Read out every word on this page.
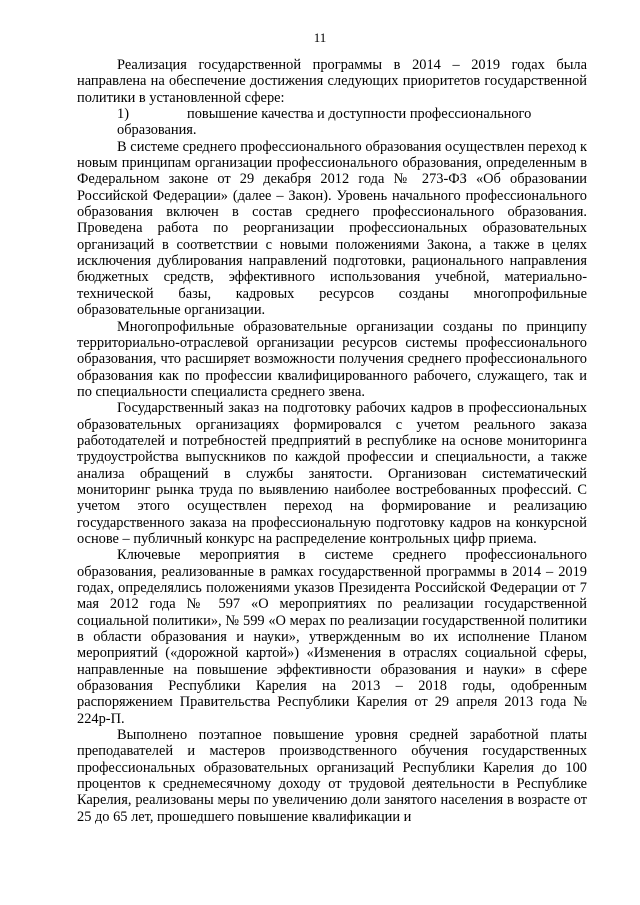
11

Реализация государственной программы в 2014 – 2019 годах была направлена на обеспечение достижения следующих приоритетов государственной политики в установленной сфере:

1)	повышение качества и доступности профессионального образования.

В системе среднего профессионального образования осуществлен переход к новым принципам организации профессионального образования, определенным в Федеральном законе от 29 декабря 2012 года № 273-ФЗ «Об образовании Российской Федерации» (далее – Закон). Уровень начального профессионального образования включен в состав среднего профессионального образования. Проведена работа по реорганизации профессиональных образовательных организаций в соответствии с новыми положениями Закона, а также в целях исключения дублирования направлений подготовки, рационального направления бюджетных средств, эффективного использования учебной, материально-технической базы, кадровых ресурсов созданы многопрофильные образовательные организации.

Многопрофильные образовательные организации созданы по принципу территориально-отраслевой организации ресурсов системы профессионального образования, что расширяет возможности получения среднего профессионального образования как по профессии квалифицированного рабочего, служащего, так и по специальности специалиста среднего звена.

Государственный заказ на подготовку рабочих кадров в профессиональных образовательных организациях формировался с учетом реального заказа работодателей и потребностей предприятий в республике на основе мониторинга трудоустройства выпускников по каждой профессии и специальности, а также анализа обращений в службы занятости. Организован систематический мониторинг рынка труда по выявлению наиболее востребованных профессий. С учетом этого осуществлен переход на формирование и реализацию государственного заказа на профессиональную подготовку кадров на конкурсной основе – публичный конкурс на распределение контрольных цифр приема.

Ключевые мероприятия в системе среднего профессионального образования, реализованные в рамках государственной программы в 2014 – 2019 годах, определялись положениями указов Президента Российской Федерации от 7 мая 2012 года № 597 «О мероприятиях по реализации государственной социальной политики», № 599 «О мерах по реализации государственной политики в области образования и науки», утвержденным во их исполнение Планом мероприятий («дорожной картой») «Изменения в отраслях социальной сферы, направленные на повышение эффективности образования и науки» в сфере образования Республики Карелия на 2013 – 2018 годы, одобренным распоряжением Правительства Республики Карелия от 29 апреля 2013 года № 224р-П.

Выполнено поэтапное повышение уровня средней заработной платы преподавателей и мастеров производственного обучения государственных профессиональных образовательных организаций Республики Карелия до 100 процентов к среднемесячному доходу от трудовой деятельности в Республике Карелия, реализованы меры по увеличению доли занятого населения в возрасте от 25 до 65 лет, прошедшего повышение квалификации и
